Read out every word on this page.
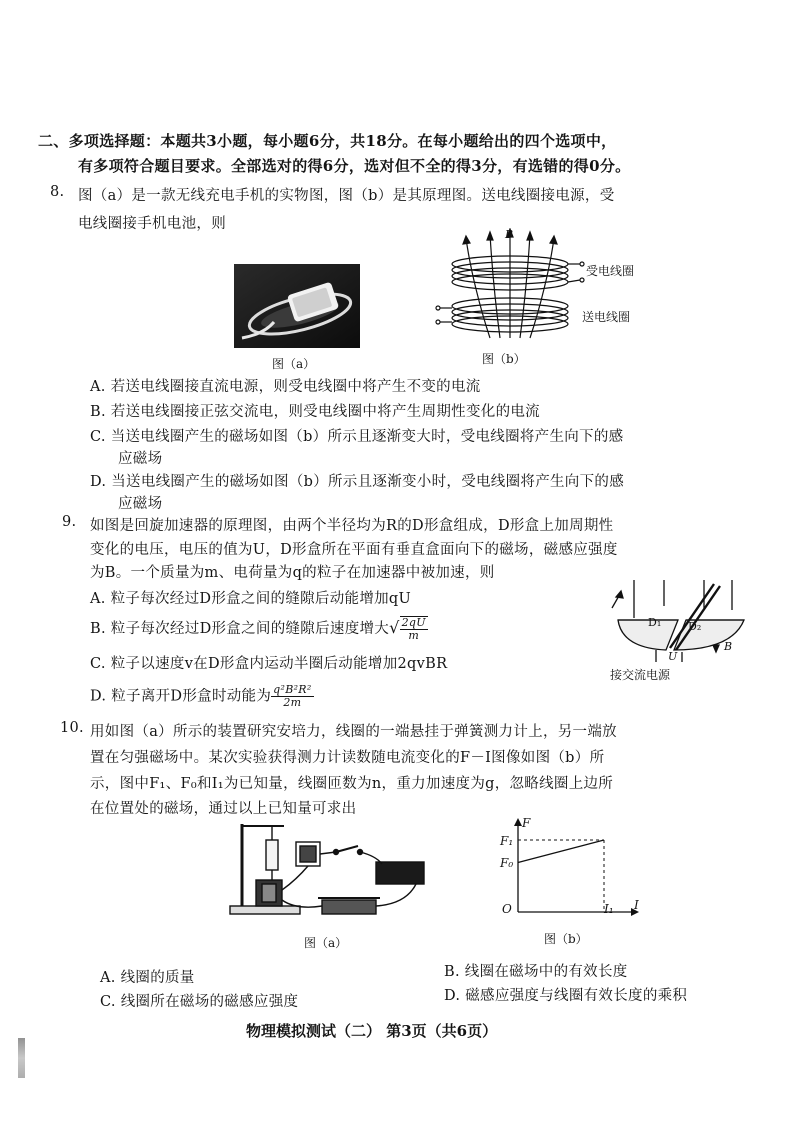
二、多项选择题：本题共3小题，每小题6分，共18分。在每小题给出的四个选项中，
有多项符合题目要求。全部选对的得6分，选对但不全的得3分，有选错的得0分。
8. 图（a）是一款无线充电手机的实物图，图（b）是其原理图。送电线圈接电源，受
电线圈接手机电池，则
图（a）
B
受电线圈
送电线圈
图（b）
A. 若送电线圈接直流电源，则受电线圈中将产生不变的电流
B. 若送电线圈接正弦交流电，则受电线圈中将产生周期性变化的电流
C. 当送电线圈产生的磁场如图（b）所示且逐渐变大时，受电线圈将产生向下的感
应磁场
D. 当送电线圈产生的磁场如图（b）所示且逐渐变小时，受电线圈将产生向下的感
应磁场
9. 如图是回旋加速器的原理图，由两个半径均为R的D形盒组成，D形盒上加周期性
变化的电压，电压的值为U，D形盒所在平面有垂直盒面向下的磁场，磁感应强度
为B。一个质量为m、电荷量为q的粒子在加速器中被加速，则
A. 粒子每次经过D形盒之间的缝隙后动能增加qU
B. 粒子每次经过D形盒之间的缝隙后速度增大√ $\frac{2qU}{m}$
C. 粒子以速度v在D形盒内运动半圈后动能增加2qvBR
D. 粒子离开D形盒时动能为 $\frac{\text{q²B²R²}}{2m}$
D₁ D₂
U
B
接交流电源
10. 用如图（a）所示的装置研究安培力，线圈的一端悬挂于弹簧测力计上，另一端放
置在匀强磁场中。某次实验获得测力计读数随电流变化的F－I图像如图（b）所
示，图中F₁、F₀和I₁为已知量，线圈匝数为n，重力加速度为g，忽略线圈上边所
在位置处的磁场，通过以上已知量可求出
图（a）
F
I
O
F₁
F₀
I₁
图（b）
A. 线圈的质量	B. 线圈在磁场中的有效长度
C. 线圈所在磁场的磁感应强度	D. 磁感应强度与线圈有效长度的乘积
物理模拟测试（二） 第3页（共6页）
